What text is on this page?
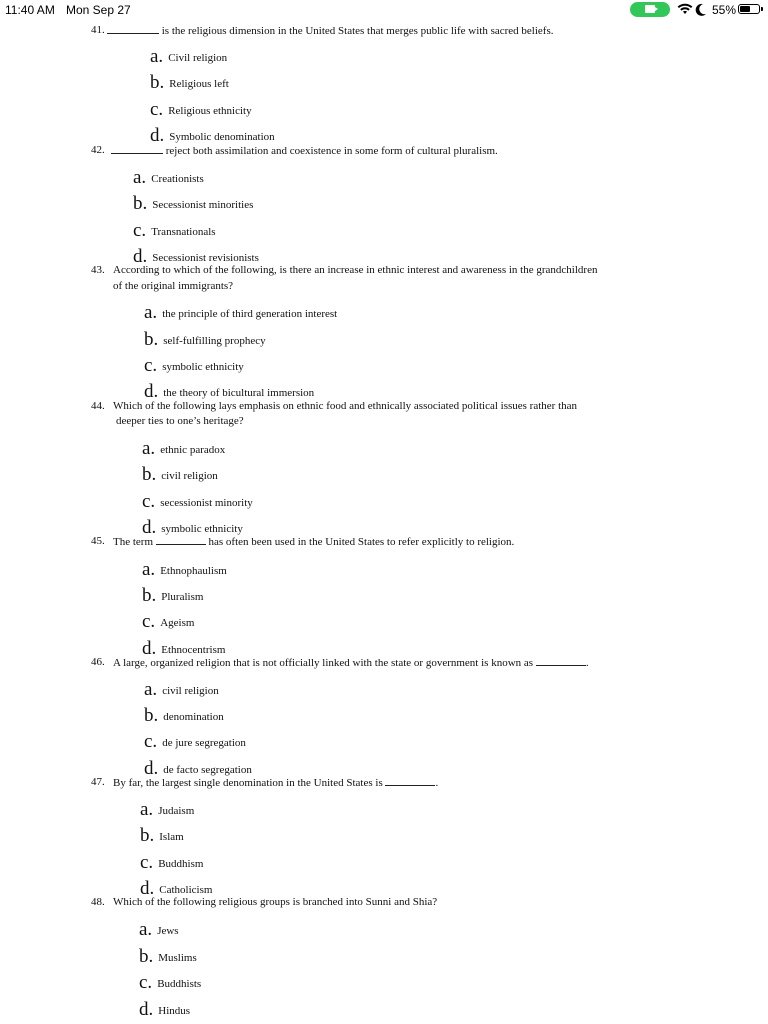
11:40 AM Mon Sep 27	55%
41.	is the religious dimension in the United States that merges public life with sacred beliefs.
a. Civil religion
b. Religious left
c. Religious ethnicity
d. Symbolic denomination
42.	reject both assimilation and coexistence in some form of cultural pluralism.
a. Creationists
b. Secessionist minorities
c. Transnationals
d. Secessionist revisionists
43. According to which of the following, is there an increase in ethnic interest and awareness in the grandchildren
of the original immigrants?
a. the principle of third generation interest
b. self-fulfilling prophecy
c. symbolic ethnicity
d. the theory of bicultural immersion
44. Which of the following lays emphasis on ethnic food and ethnically associated political issues rather than
deeper ties to one’s heritage?
a. ethnic paradox
b. civil religion
c. secessionist minority
d. symbolic ethnicity
45. The term	has often been used in the United States to refer explicitly to religion.
a. Ethnophaulism
b. Pluralism
c. Ageism
d. Ethnocentrism
46. A large, organized religion that is not officially linked with the state or government is known as	.
a. civil religion
b. denomination
c. de jure segregation
d. de facto segregation
47. By far, the largest single denomination in the United States is	.
a. Judaism
b. Islam
c. Buddhism
d. Catholicism
48. Which of the following religious groups is branched into Sunni and Shia?
a. Jews
b. Muslims
c. Buddhists
d. Hindus
